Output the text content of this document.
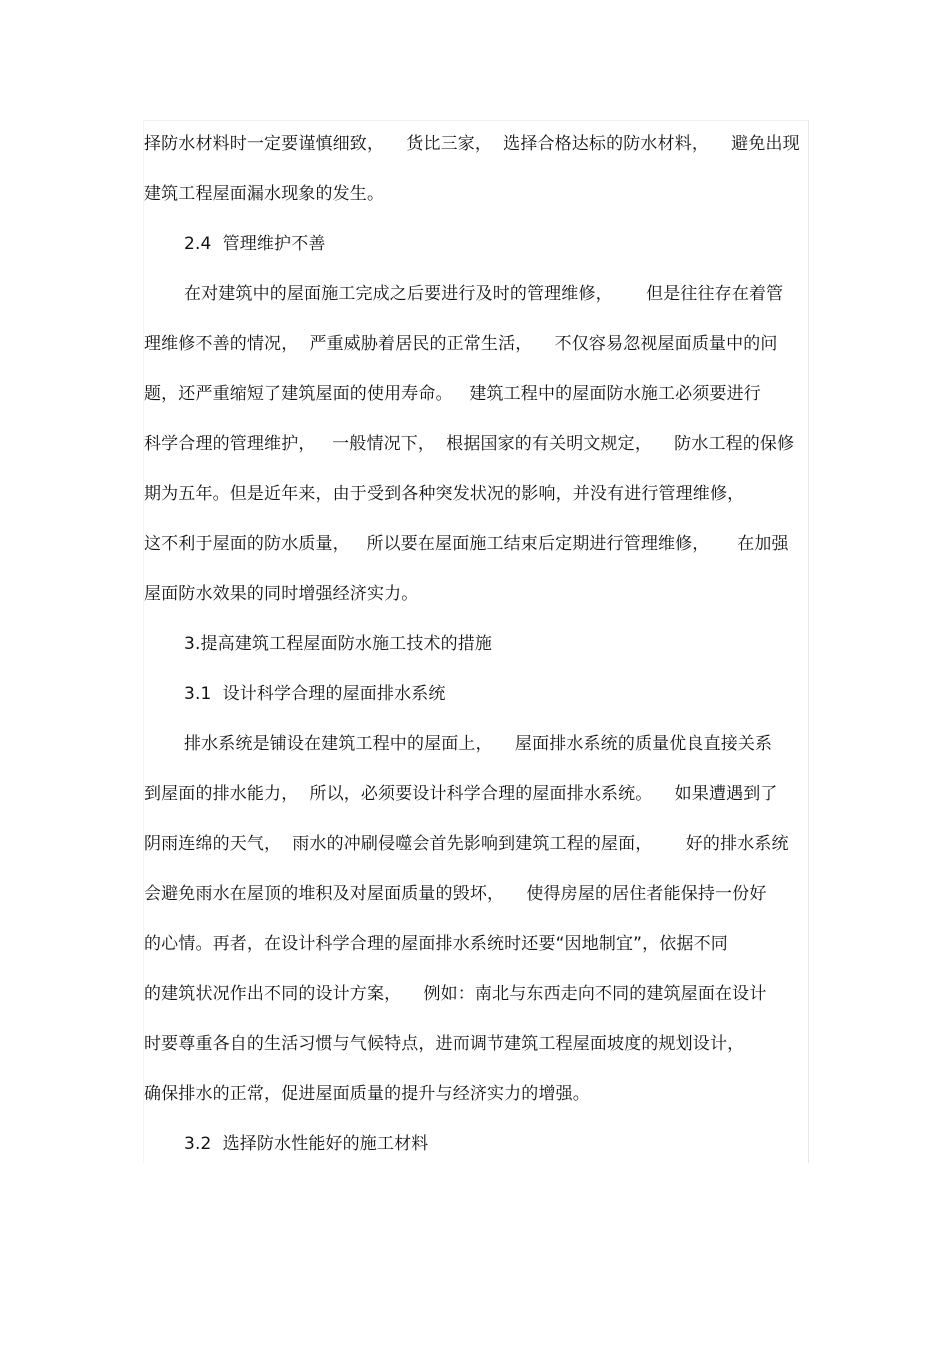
择防水材料时一定要谨慎细致，    货比三家，  选择合格达标的防水材料，    避免出现
建筑工程屋面漏水现象的发生。
2.4  管理维护不善
在对建筑中的屋面施工完成之后要进行及时的管理维修，      但是往往存在着管
理维修不善的情况，  严重威胁着居民的正常生活，    不仅容易忽视屋面质量中的问
题，还严重缩短了建筑屋面的使用寿命。   建筑工程中的屋面防水施工必须要进行
科学合理的管理维护，   一般情况下，  根据国家的有关明文规定，    防水工程的保修
期为五年。但是近年来，由于受到各种突发状况的影响，并没有进行管理维修，
这不利于屋面的防水质量，   所以要在屋面施工结束后定期进行管理维修，     在加强
屋面防水效果的同时增强经济实力。
3.提高建筑工程屋面防水施工技术的措施
3.1  设计科学合理的屋面排水系统
排水系统是铺设在建筑工程中的屋面上，    屋面排水系统的质量优良直接关系
到屋面的排水能力，  所以，必须要设计科学合理的屋面排水系统。    如果遭遇到了
阴雨连绵的天气，  雨水的冲刷侵噬会首先影响到建筑工程的屋面，      好的排水系统
会避免雨水在屋顶的堆积及对屋面质量的毁坏，    使得房屋的居住者能保持一份好
的心情。再者，在设计科学合理的屋面排水系统时还要“因地制宜”，依据不同
的建筑状况作出不同的设计方案，    例如：南北与东西走向不同的建筑屋面在设计
时要尊重各自的生活习惯与气候特点，进而调节建筑工程屋面坡度的规划设计，
确保排水的正常，促进屋面质量的提升与经济实力的增强。
3.2  选择防水性能好的施工材料
